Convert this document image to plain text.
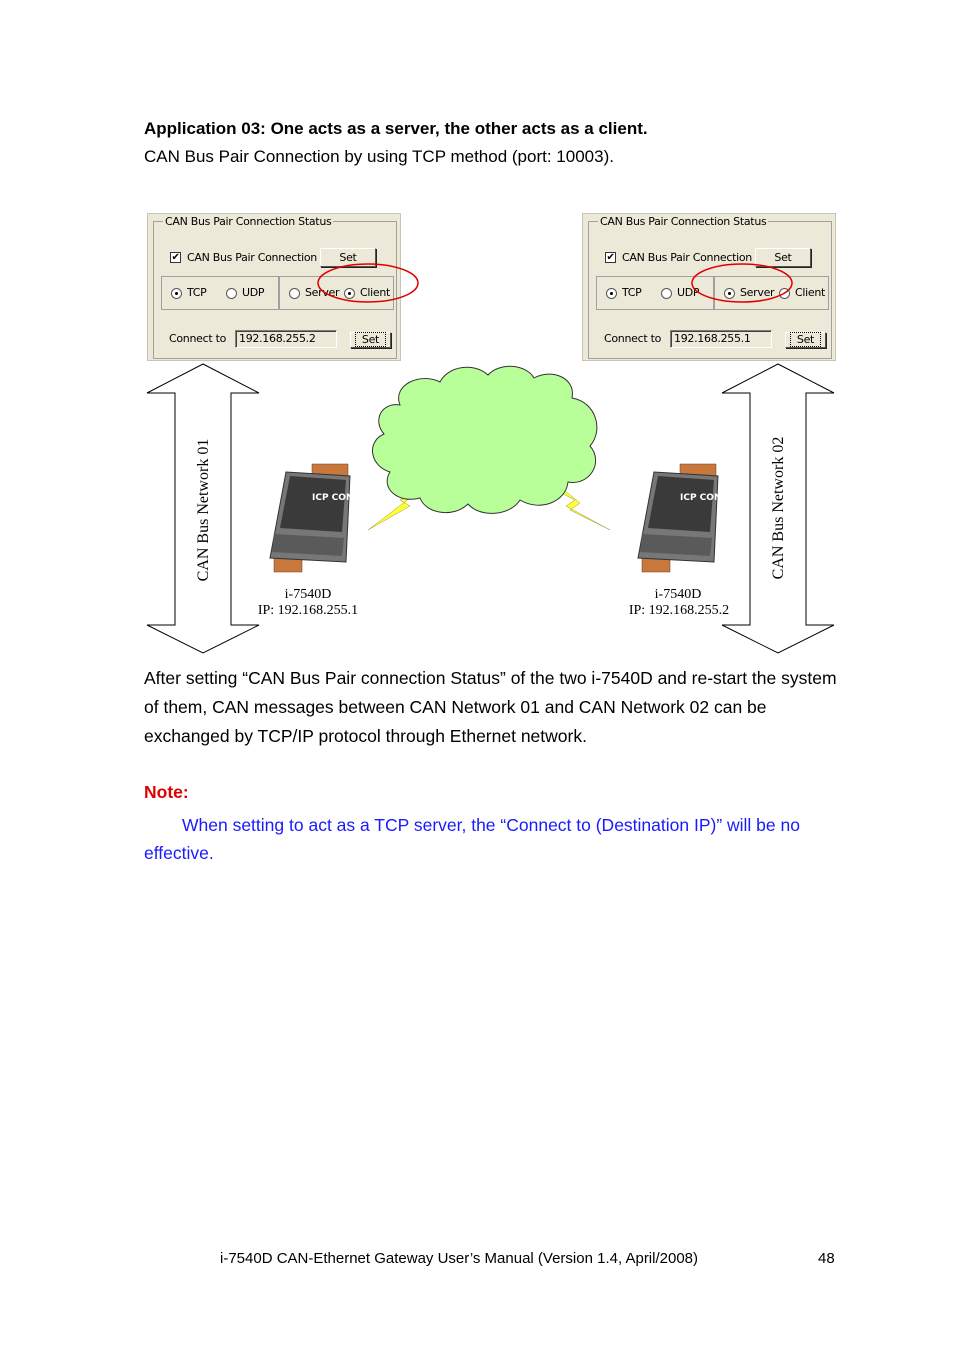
Application 03: One acts as a server, the other acts as a client.
CAN Bus Pair Connection by using TCP method (port: 10003).
CAN Bus Pair Connection Status
✔ CAN Bus Pair Connection	Set
TCP	UDP	Server Client
Connect to	192.168.255.2	Set
CAN Bus Pair Connection Status
✔ CAN Bus Pair Connection	Set
TCP	UDP	Server Client
Connect to	192.168.255.1	Set
CAN Bus Network 01	CAN Bus Network 02
ICP CON
i-7540D
IP: 192.168.255.1
ICP CON
i-7540D
IP: 192.168.255.2
After setting “CAN Bus Pair connection Status” of the two i-7540D and re-start the system of them, CAN messages between CAN Network 01 and CAN Network 02 can be exchanged by TCP/IP protocol through Ethernet network.
Note:
When setting to act as a TCP server, the “Connect to (Destination IP)” will be no effective.
i-7540D CAN-Ethernet Gateway User’s Manual (Version 1.4, April/2008)	48
